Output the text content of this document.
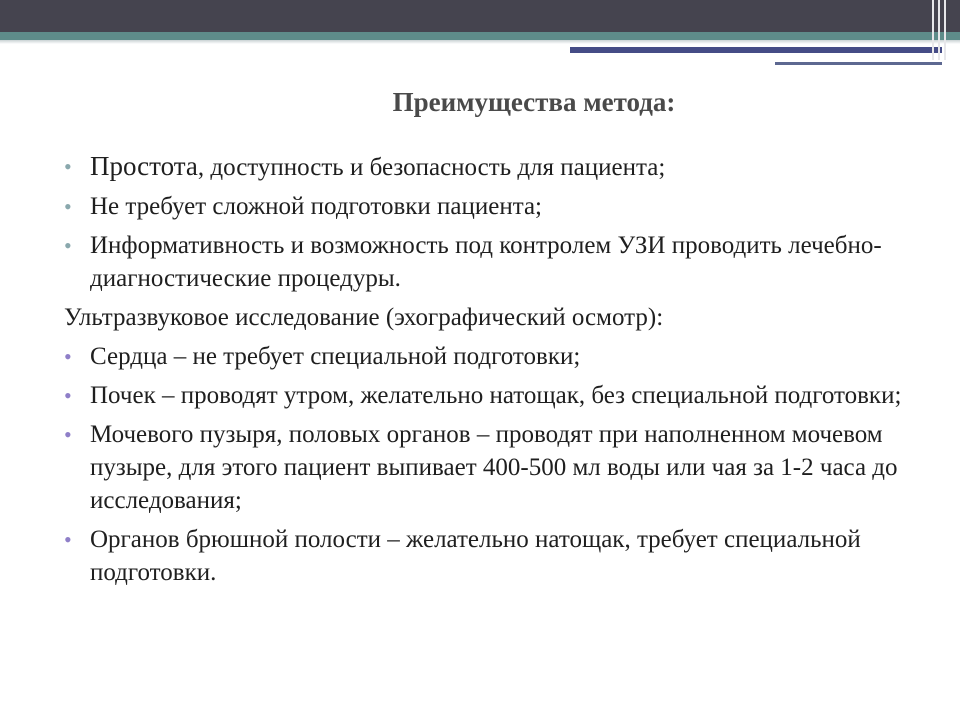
Преимущества метода:
• Простота, доступность и безопасность для пациента;
• Не требует сложной подготовки пациента;
• Информативность и возможность под контролем УЗИ проводить лечебно-диагностические процедуры.
Ультразвуковое исследование (эхографический осмотр):
• Сердца – не требует специальной подготовки;
• Почек – проводят утром, желательно натощак, без специальной подготовки;
• Мочевого пузыря, половых органов – проводят при наполненном мочевом пузыре, для этого пациент выпивает 400-500 мл воды или чая за 1-2 часа до исследования;
• Органов брюшной полости – желательно натощак, требует специальной подготовки.
